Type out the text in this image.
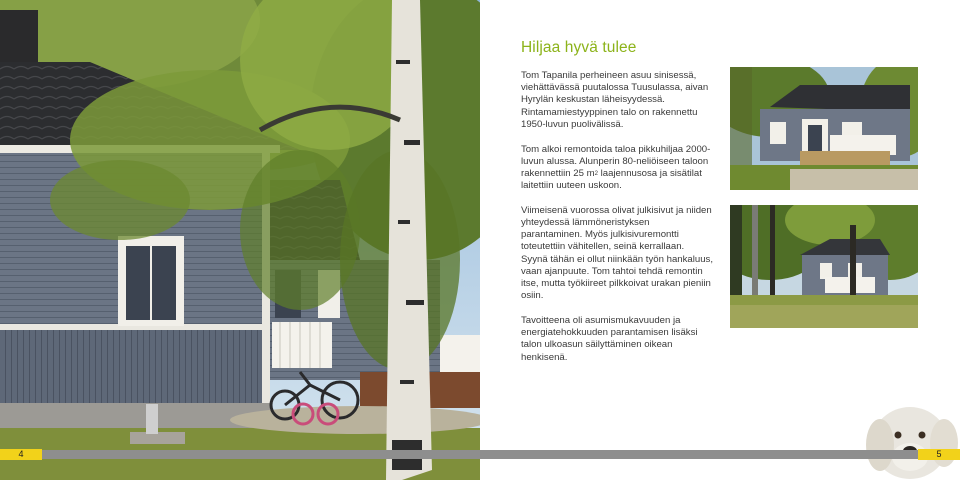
Hiljaa hyvä tulee

Tom Tapanila perheineen asuu sinisessä, viehättävässä puutalossa Tuusulassa, aivan Hyrylän keskustan läheisyydessä. Rintamamiestyyppinen talo on rakennettu 1950-luvun puolivälissä.

Tom alkoi remontoida taloa pikkuhiljaa 2000-luvun alussa. Alunperin 80-neliöiseen taloon rakennettiin 25 $m^2$ laajennusosa ja sisätilat laitettiin uuteen uskoon.

Viimeisenä vuorossa olivat julkisivut ja niiden yhteydessä lämmöneristyksen parantaminen. Myös julkisivuremontti toteutettiin vähitellen, seinä kerrallaan. Syynä tähän ei ollut niinkään työn hankaluus, vaan ajanpuute. Tom tahtoi tehdä remontin itse, mutta työkiireet pilkkoivat urakan pieniin osiin.

Tavoitteena oli asumismukavuuden ja energiatehokkuuden parantamisen lisäksi talon ulkoasun säilyttäminen oikean henkisenä.

4	5
